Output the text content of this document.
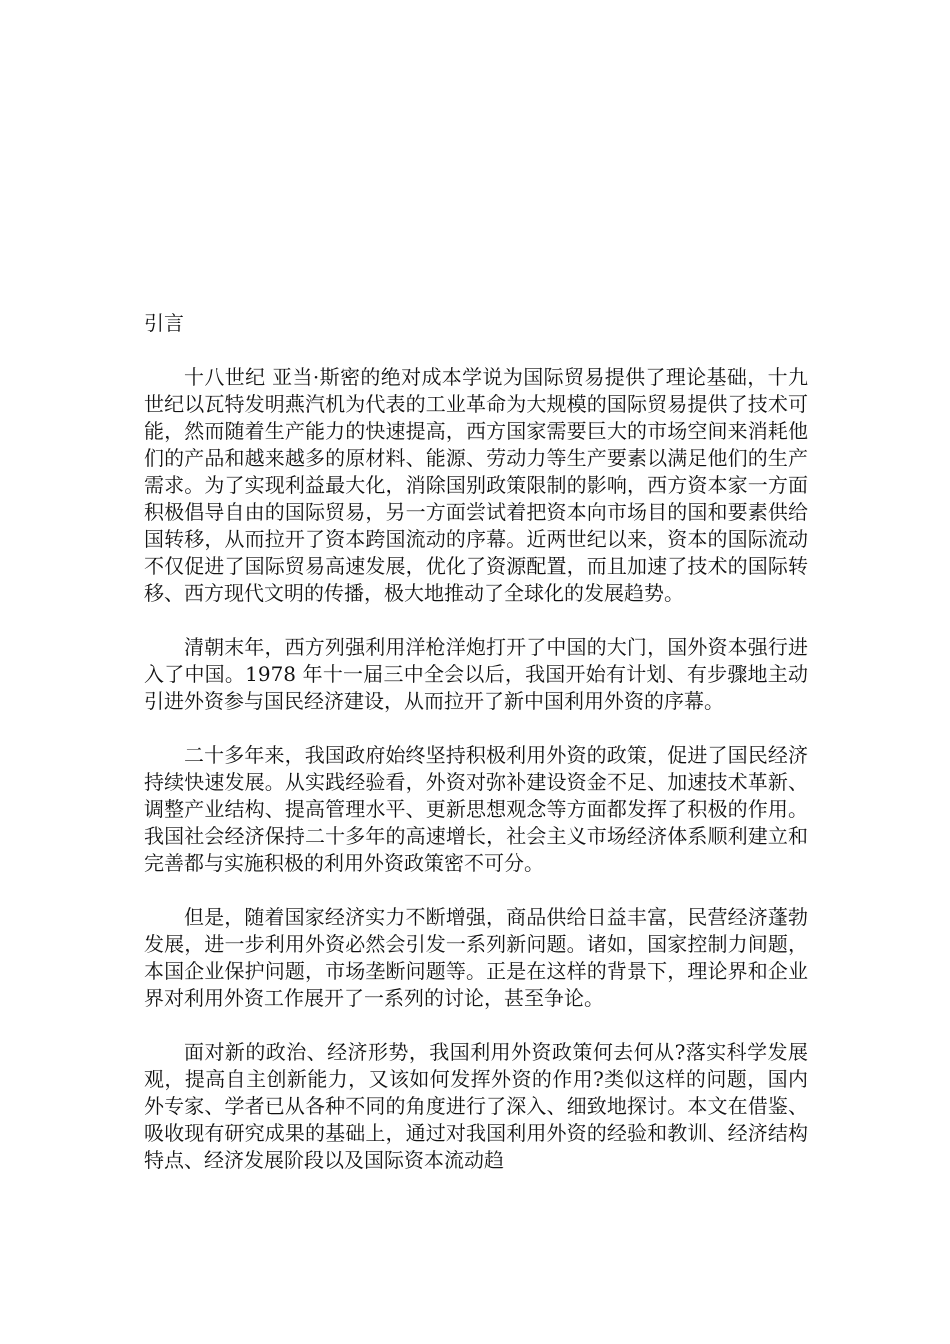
引言

十八世纪 亚当·斯密的绝对成本学说为国际贸易提供了理论基础，十九世纪以瓦特发明燕汽机为代表的工业革命为大规模的国际贸易提供了技术可能，然而随着生产能力的快速提高，西方国家需要巨大的市场空间来消耗他们的产品和越来越多的原材料、能源、劳动力等生产要素以满足他们的生产需求。为了实现利益最大化，消除国别政策限制的影响，西方资本家一方面积极倡导自由的国际贸易，另一方面尝试着把资本向市场目的国和要素供给国转移，从而拉开了资本跨国流动的序幕。近两世纪以来，资本的国际流动不仅促进了国际贸易高速发展，优化了资源配置，而且加速了技术的国际转移、西方现代文明的传播，极大地推动了全球化的发展趋势。

清朝末年，西方列强利用洋枪洋炮打开了中国的大门，国外资本强行进入了中国。1978 年十一届三中全会以后，我国开始有计划、有步骤地主动引进外资参与国民经济建设，从而拉开了新中国利用外资的序幕。

二十多年来，我国政府始终坚持积极利用外资的政策，促进了国民经济持续快速发展。从实践经验看，外资对弥补建设资金不足、加速技术革新、调整产业结构、提高管理水平、更新思想观念等方面都发挥了积极的作用。我国社会经济保持二十多年的高速增长，社会主义市场经济体系顺利建立和完善都与实施积极的利用外资政策密不可分。

但是，随着国家经济实力不断增强，商品供给日益丰富，民营经济蓬勃发展，进一步利用外资必然会引发一系列新问题。诸如，国家控制力间题，本国企业保护问题，市场垄断问题等。正是在这样的背景下，理论界和企业界对利用外资工作展开了一系列的讨论，甚至争论。

面对新的政治、经济形势，我国利用外资政策何去何从?落实科学发展观，提高自主创新能力，又该如何发挥外资的作用?类似这样的问题，国内外专家、学者已从各种不同的角度进行了深入、细致地探讨。本文在借鉴、吸收现有研究成果的基础上，通过对我国利用外资的经验和教训、经济结构特点、经济发展阶段以及国际资本流动趋
